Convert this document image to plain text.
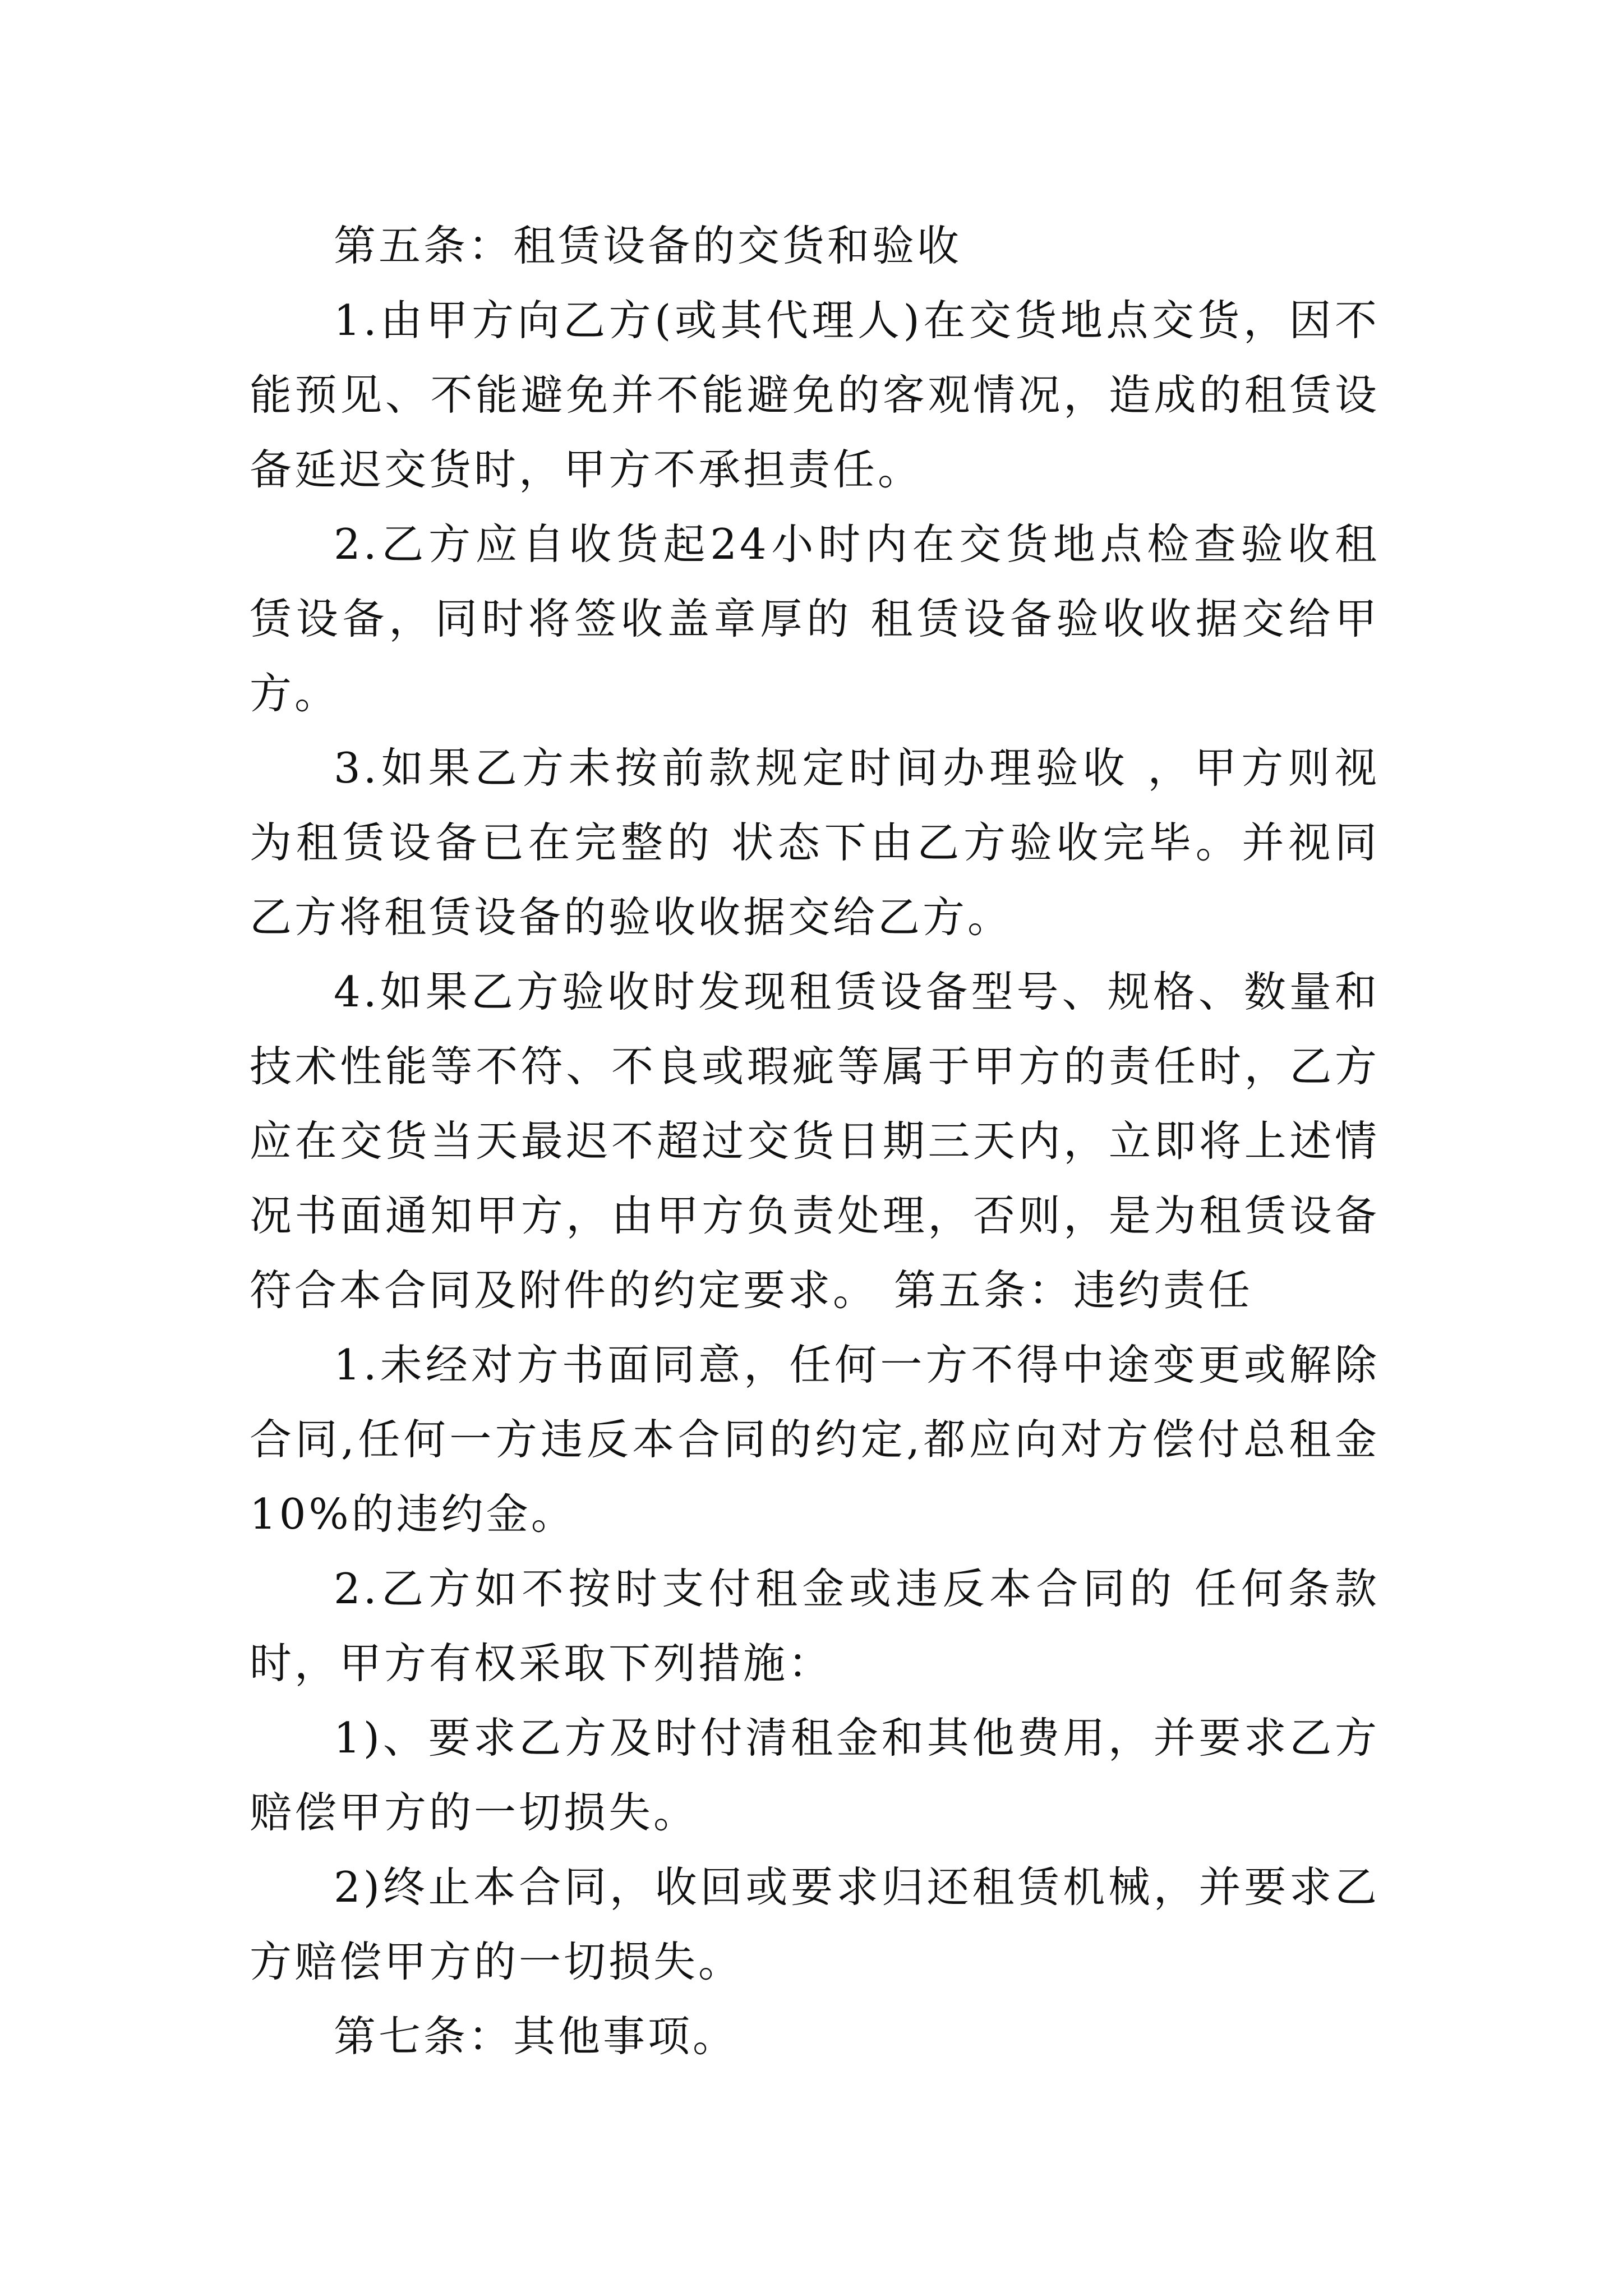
第五条：租赁设备的交货和验收

1.由甲方向乙方(或其代理人)在交货地点交货，因不能预见、不能避免并不能避免的客观情况，造成的租赁设备延迟交货时，甲方不承担责任。

2.乙方应自收货起24小时内在交货地点检查验收租赁设备，同时将签收盖章厚的 租赁设备验收收据交给甲方。

3.如果乙方未按前款规定时间办理验收 ，甲方则视为租赁设备已在完整的 状态下由乙方验收完毕。并视同乙方将租赁设备的验收收据交给乙方。

4.如果乙方验收时发现租赁设备型号、规格、数量和技术性能等不符、不良或瑕疵等属于甲方的责任时，乙方应在交货当天最迟不超过交货日期三天内，立即将上述情况书面通知甲方，由甲方负责处理，否则，是为租赁设备符合本合同及附件的约定要求。 第五条：违约责任

1.未经对方书面同意，任何一方不得中途变更或解除合同,任何一方违反本合同的约定,都应向对方偿付总租金10%的违约金。

2.乙方如不按时支付租金或违反本合同的 任何条款时，甲方有权采取下列措施：

1)、要求乙方及时付清租金和其他费用，并要求乙方赔偿甲方的一切损失。

2)终止本合同，收回或要求归还租赁机械，并要求乙方赔偿甲方的一切损失。

第七条：其他事项。
